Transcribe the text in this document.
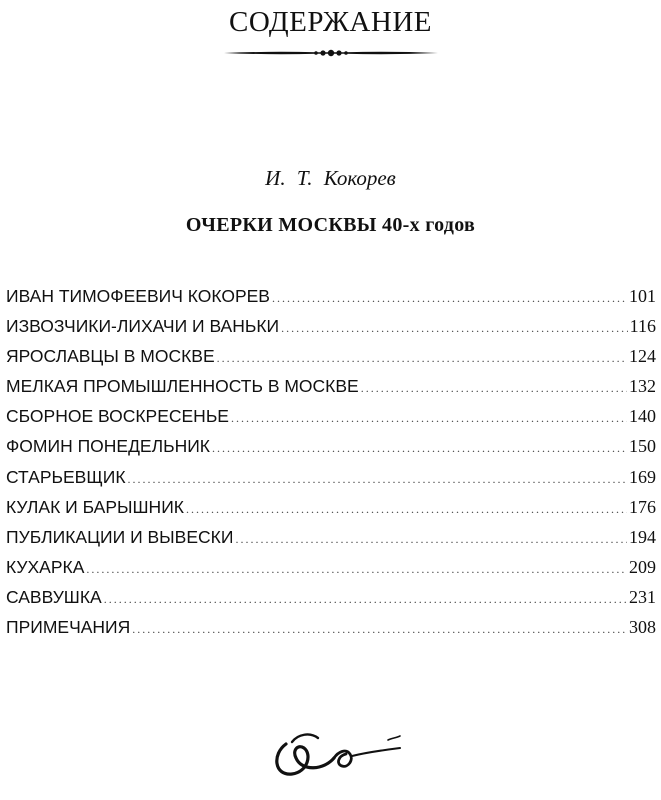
СОДЕРЖАНИЕ
И. Т. Кокорев
ОЧЕРКИ МОСКВЫ 40-х годов
ИВАН ТИМОФЕЕВИЧ КОКОРЕВ .....	101
ИЗВОЗЧИКИ-ЛИХАЧИ И ВАНЬКИ .....	116
ЯРОСЛАВЦЫ В МОСКВЕ .....	124
МЕЛКАЯ ПРОМЫШЛЕННОСТЬ В МОСКВЕ .....	132
СБОРНОЕ ВОСКРЕСЕНЬЕ .....	140
ФОМИН ПОНЕДЕЛЬНИК .....	150
СТАРЬЕВЩИК .....	169
КУЛАК И БАРЫШНИК .....	176
ПУБЛИКАЦИИ И ВЫВЕСКИ .....	194
КУХАРКА .....	209
САВВУШКА .....	231
ПРИМЕЧАНИЯ .....	308
